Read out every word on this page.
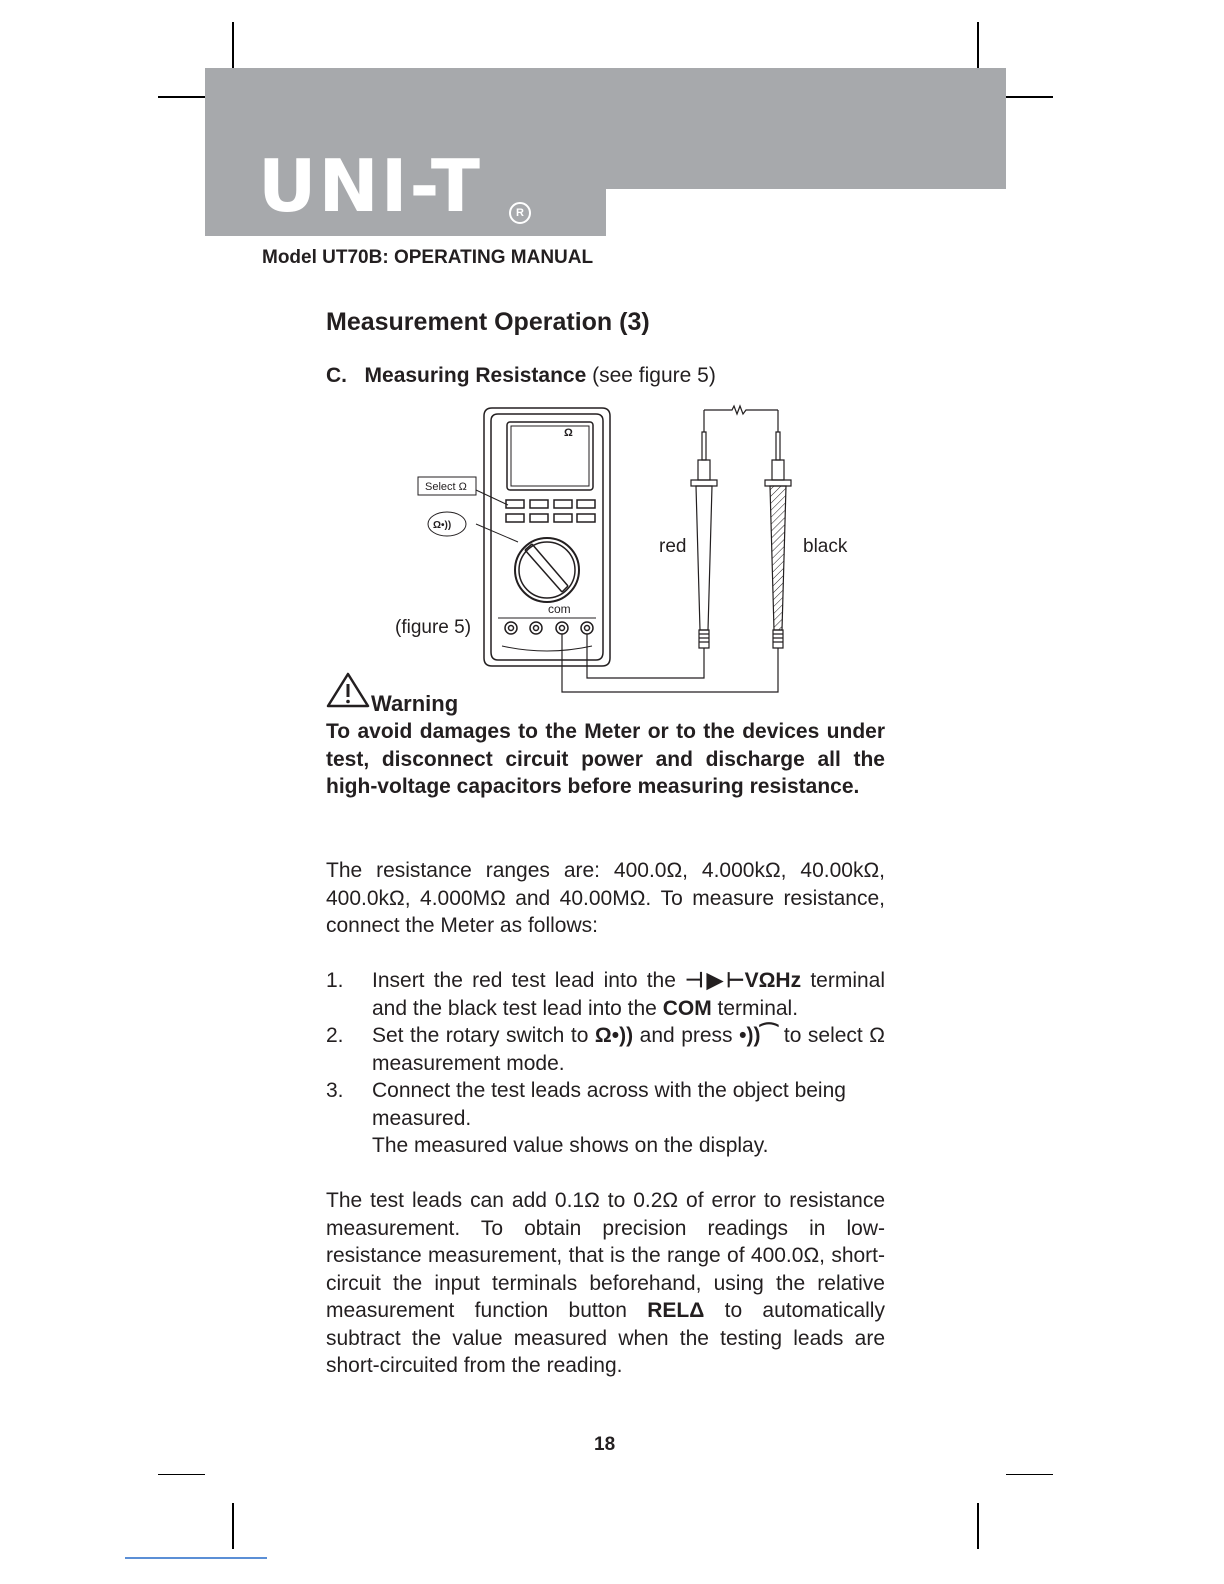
UNI-T	R
Model UT70B: OPERATING MANUAL
Measurement Operation (3)
C. Measuring Resistance (see figure 5)
Select Ω
Ω•))
Ω
com
(figure 5)
red	black
Warning
To avoid damages to the Meter or to the devices under test, disconnect circuit power and discharge all the high-voltage capacitors before measuring resistance.
The resistance ranges are: 400.0Ω, 4.000kΩ, 40.00kΩ, 400.0kΩ, 4.000MΩ and 40.00MΩ. To measure resistance, connect the Meter as follows:
1. Insert the red test lead into the ⊣▶⊢VΩHz terminal and the black test lead into the COM terminal.
2. Set the rotary switch to Ω•)) and press •))⁀ to select Ω measurement mode.
3. Connect the test leads across with the object being measured.
The measured value shows on the display.
The test leads can add 0.1Ω to 0.2Ω of error to resistance measurement. To obtain precision readings in low-resistance measurement, that is the range of 400.0Ω, short-circuit the input terminals beforehand, using the relative measurement function button RELΔ to automatically subtract the value measured when the testing leads are short-circuited from the reading.
18
